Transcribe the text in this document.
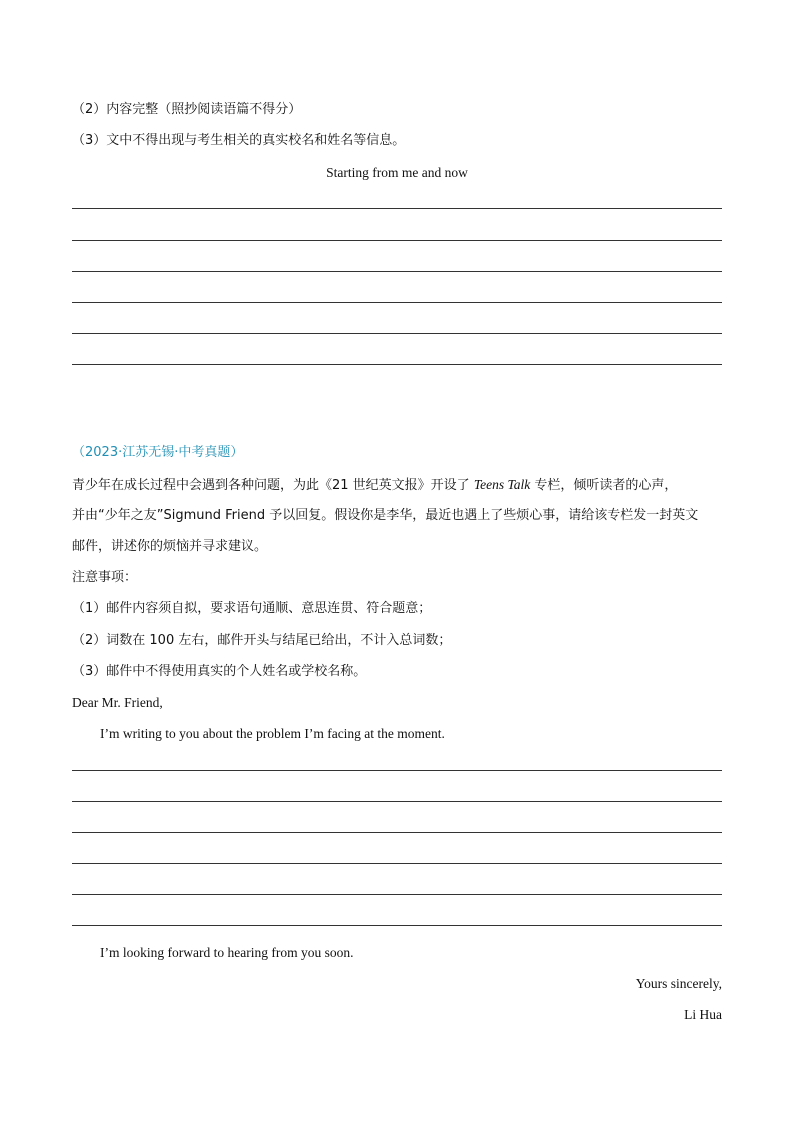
（2）内容完整（照抄阅读语篇不得分）
（3）文中不得出现与考生相关的真实校名和姓名等信息。
Starting from me and now
（2023·江苏无锡·中考真题）
青少年在成长过程中会遇到各种问题，为此《21 世纪英文报》开设了 Teens Talk 专栏，倾听读者的心声，
并由“少年之友”Sigmund Friend 予以回复。假设你是李华，最近也遇上了些烦心事，请给该专栏发一封英文
邮件，讲述你的烦恼并寻求建议。
注意事项：
（1）邮件内容须自拟，要求语句通顺、意思连贯、符合题意；
（2）词数在 100 左右，邮件开头与结尾已给出，不计入总词数；
（3）邮件中不得使用真实的个人姓名或学校名称。
Dear Mr. Friend,
I’m writing to you about the problem I’m facing at the moment.
I’m looking forward to hearing from you soon.
Yours sincerely,
Li Hua
